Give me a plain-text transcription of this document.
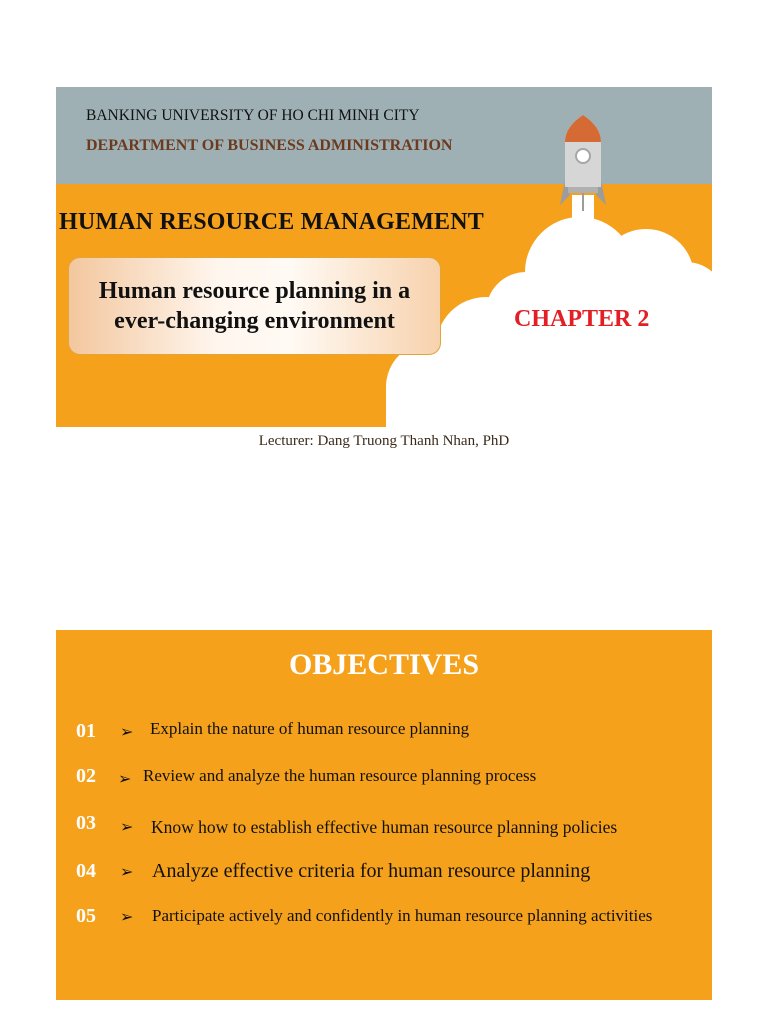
BANKING UNIVERSITY OF HO CHI MINH CITY
DEPARTMENT OF BUSINESS ADMINISTRATION
HUMAN RESOURCE MANAGEMENT
Human resource planning in a
ever-changing environment	CHAPTER 2
Lecturer: Dang Truong Thanh Nhan, PhD
OBJECTIVES
01 ➢ Explain the nature of human resource planning
02 ➢ Review and analyze the human resource planning process
03 ➢ Know how to establish effective human resource planning policies
04 ➢ Analyze effective criteria for human resource planning
05 ➢ Participate actively and confidently in human resource planning activities
